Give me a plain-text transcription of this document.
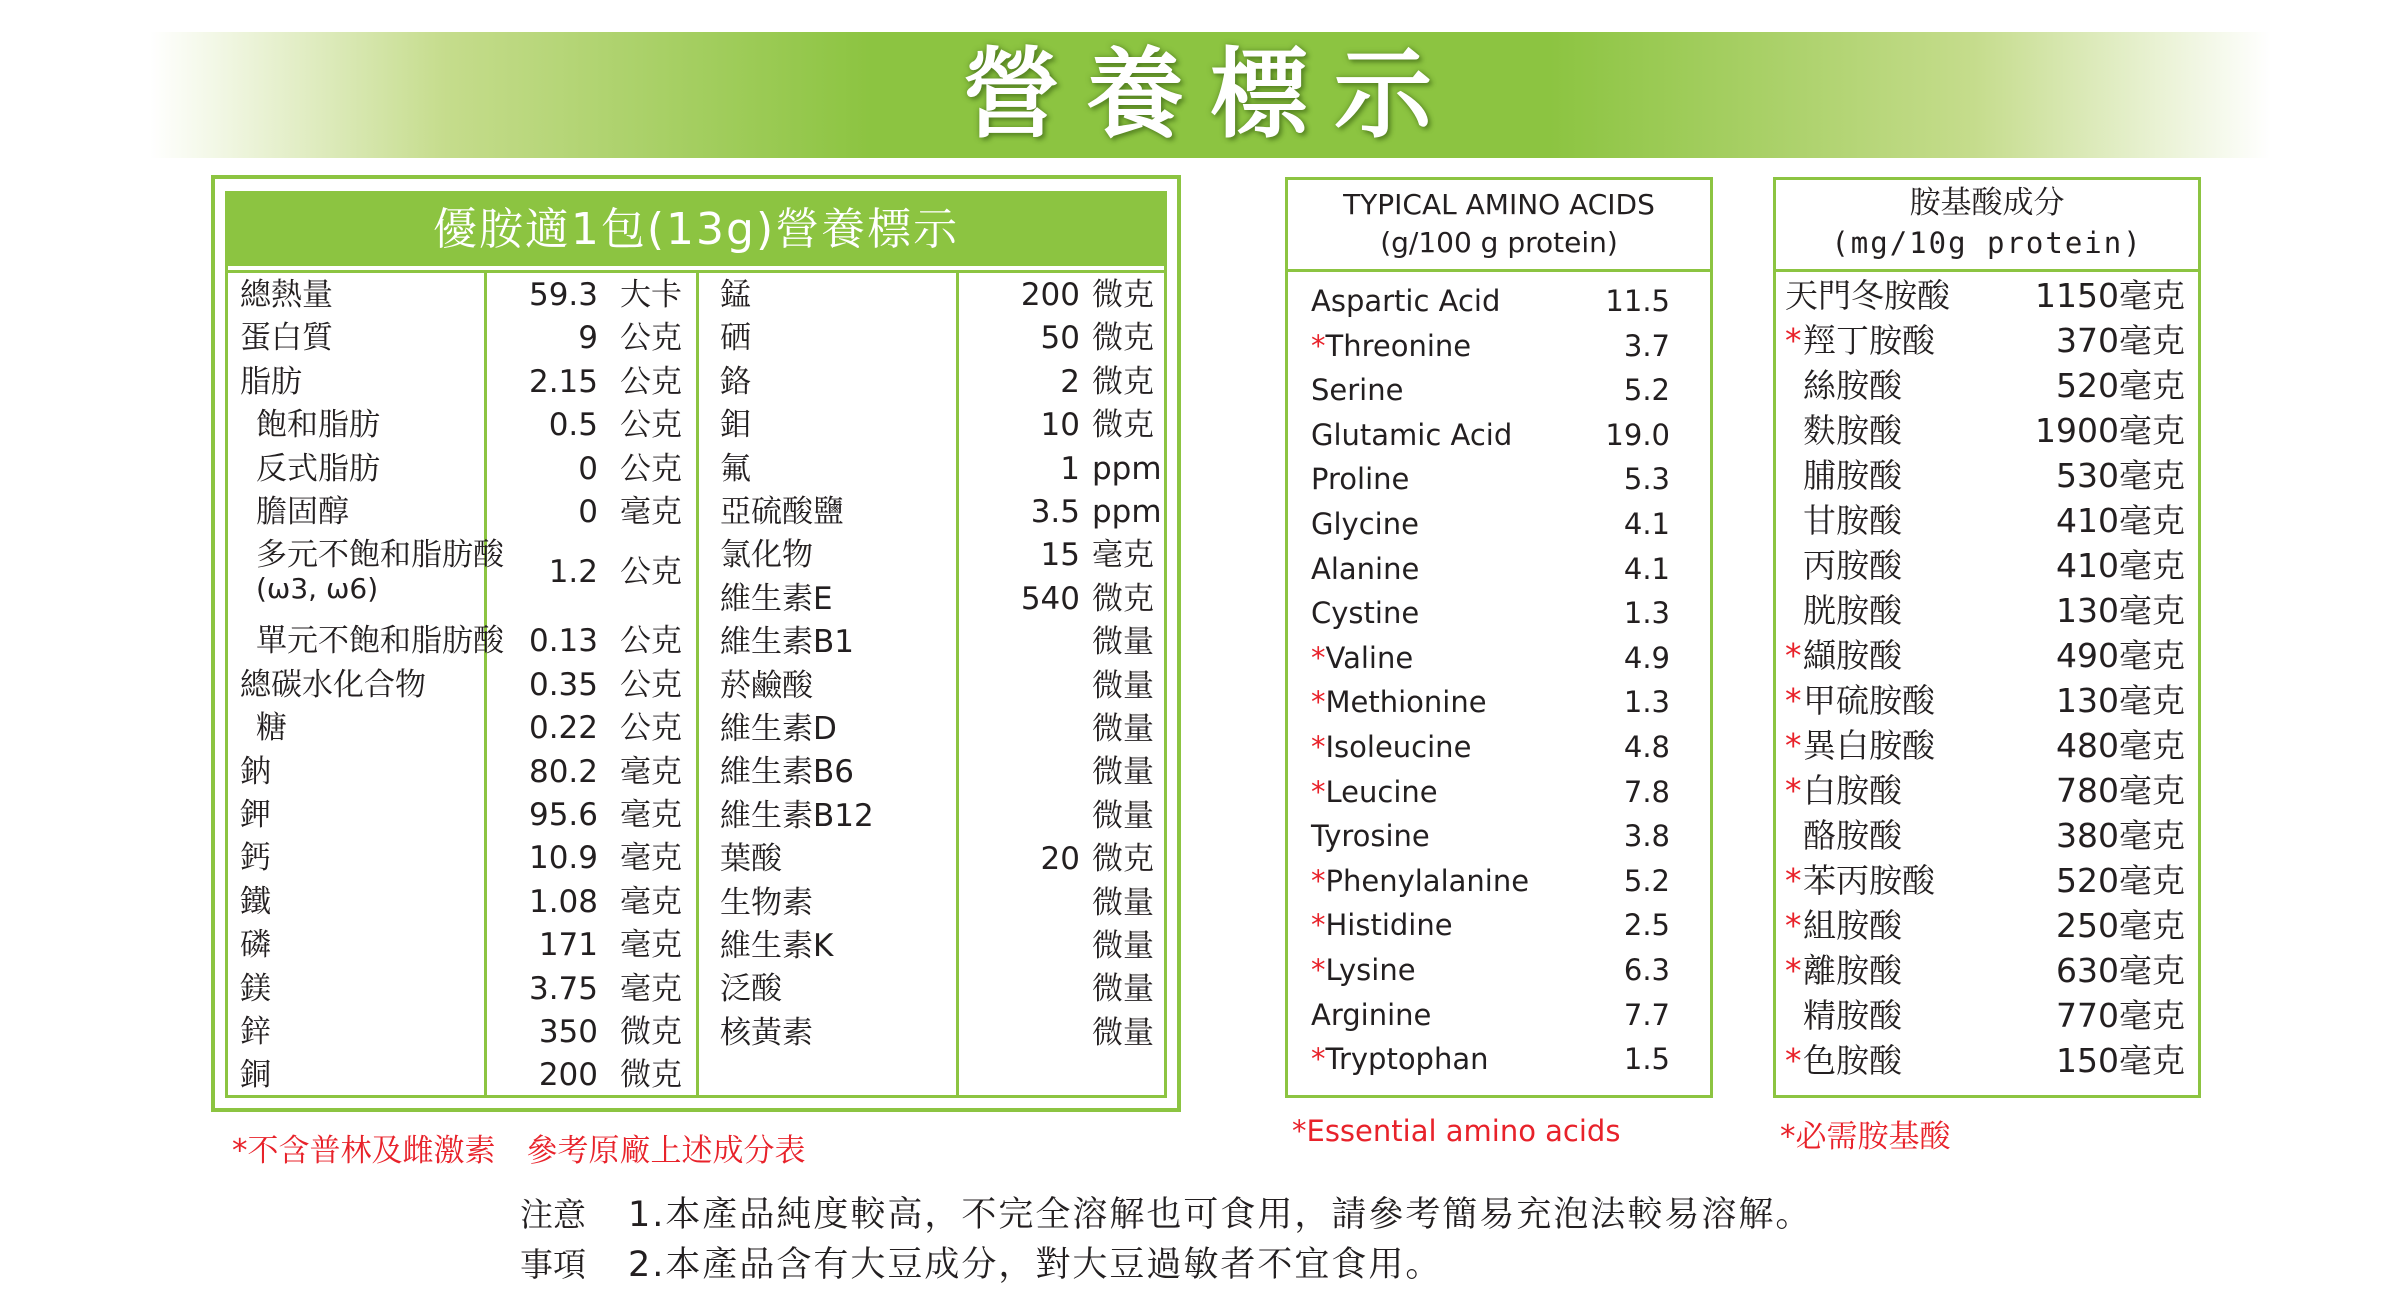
營養標示
優胺適1包(13g)營養標示
總熱量	59.3 大卡
蛋白質	9 公克
脂肪	2.15 公克
飽和脂肪	0.5 公克
反式脂肪	0 公克
膽固醇	0 毫克
多元不飽和脂肪酸
(ω3, ω6)	1.2 公克
單元不飽和脂肪酸 0.13 公克
總碳水化合物	0.35 公克
糖	0.22 公克
鈉	80.2 毫克
鉀	95.6 毫克
鈣	10.9 毫克
鐵	1.08 毫克
磷	171 毫克
鎂	3.75 毫克
鋅	350 微克
銅	200 微克
錳	200 微克
硒	50 微克
鉻	2 微克
鉬	10 微克
氟	1 ppm
亞硫酸鹽	3.5 ppm
氯化物	15 毫克
維生素E	540 微克
維生素B1	微量
菸鹼酸	微量
維生素D	微量
維生素B6	微量
維生素B12	微量
葉酸	20 微克
生物素	微量
維生素K	微量
泛酸	微量
核黃素	微量
*不含普林及雌激素　參考原廠上述成分表
TYPICAL AMINO ACIDS
(g/100 g protein)
Aspartic Acid	11.5
*Threonine	3.7
Serine	5.2
Glutamic Acid	19.0
Proline	5.3
Glycine	4.1
Alanine	4.1
Cystine	1.3
*Valine	4.9
*Methionine	1.3
*Isoleucine	4.8
*Leucine	7.8
Tyrosine	3.8
*Phenylalanine	5.2
*Histidine	2.5
*Lysine	6.3
Arginine	7.7
*Tryptophan	1.5
*Essential amino acids
胺基酸成分
(mg/10g protein)
天門冬胺酸	1150毫克
*羥丁胺酸	370毫克
絲胺酸	520毫克
麩胺酸	1900毫克
脯胺酸	530毫克
甘胺酸	410毫克
丙胺酸	410毫克
胱胺酸	130毫克
*纈胺酸	490毫克
*甲硫胺酸	130毫克
*異白胺酸	480毫克
*白胺酸	780毫克
酪胺酸	380毫克
*苯丙胺酸	520毫克
*組胺酸	250毫克
*離胺酸	630毫克
精胺酸	770毫克
*色胺酸	150毫克
*必需胺基酸
注意
事項
1.本產品純度較高，不完全溶解也可食用，請參考簡易充泡法較易溶解。
2.本產品含有大豆成分，對大豆過敏者不宜食用。
